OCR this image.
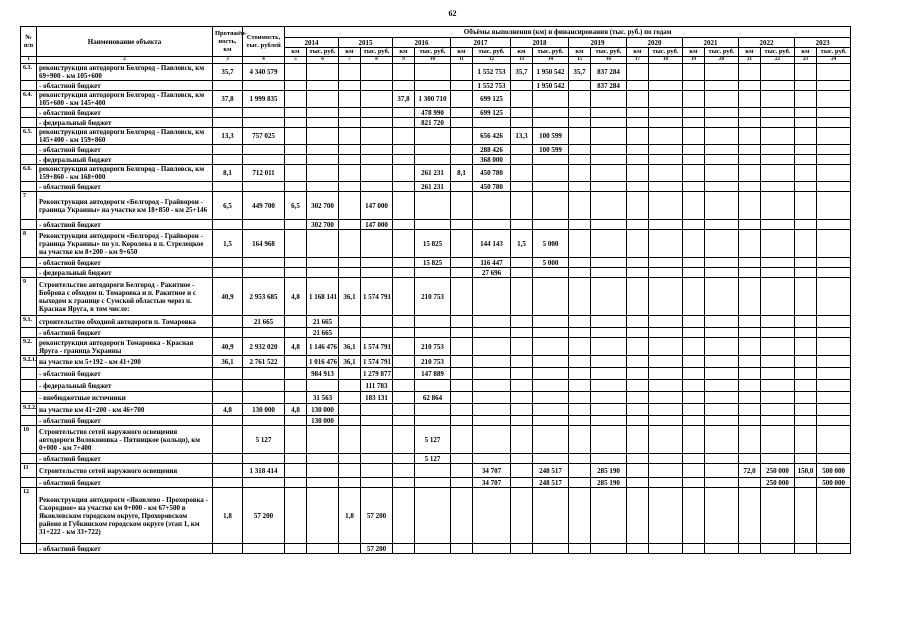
62
№ п/п	Наименование объекта	Протяжён-ность, км	Стоимость, тыс. рублей	Объёмы выполнения (км) и финансирования (тыс. руб.) по годам																			
				2014		2015		2016		2017		2018		2019		2020		2021		2022		2023	
				км	тыс. руб.	км	тыс. руб.	км	тыс. руб.	км	тыс. руб.	км	тыс. руб.	км	тыс. руб.	км	тыс. руб.	км	тыс. руб.	км	тыс. руб.	км	тыс. руб.
1	2	3	4	5	6	7	8	9	10	11	12	13	14	15	16	17	18	19	20	21	22	23	24
6.3.	реконструкция автодороги Белгород - Павловск, км 69+900 - км 105+600	35,7	4 340 579								1 552 753	35,7	1 950 542	35,7	837 284								
	- областной бюджет										1 552 753		1 950 542		837 284								
6.4.	реконструкция автодороги Белгород - Павловск, км 105+600 - км 145+400	37,8	1 999 835					37,8	1 300 710		699 125												
	- областной бюджет								478 990		699 125												
	- федеральный бюджет								821 720														
6.5.	реконструкция автодороги Белгород - Павловск, км 145+400 - км 159+860	13,3	757 025								656 426	13,3	100 599										
	- областной бюджет										288 426		100 599										
	- федеральный бюджет										368 000												
6.6.	реконструкция автодороги Белгород - Павловск, км 159+860 - км 168+000	8,1	712 011						261 231	8,1	450 780												
	- областной бюджет								261 231		450 780												
7	Реконструкция автодороги «Белгород - Грайворон - граница Украины» на участке км 18+850 - км 25+146	6,5	449 700	6,5	302 700		147 000																
	- областной бюджет				302 700		147 000																
8	Реконструкция автодороги «Белгород - Грайворон - граница Украины» по ул. Королева в п. Стрелецкое на участке км 8+200 - км 9+650	1,5	164 968						15 825		144 143	1,5	5 000										
	- областной бюджет								15 825		116 447		5 000										
	- федеральный бюджет										27 696												
9	Строительство автодороги Белгород - Ракитное - Боброва с обходом п. Томаровка и п. Ракитное и с выходом к границе с Сумской областью через п. Красная Яруга, в том числе:	40,9	2 953 685	4,8	1 168 141	36,1	1 574 791		210 753														
9.1.	строительство обходной автодороги п. Томаровка		21 665		21 665																		
	- областной бюджет				21 665																		
9.2.	реконструкция автодороги Томаровка - Красная Яруга - граница Украины	40,9	2 932 020	4,8	1 146 476	36,1	1 574 791		210 753														
9.2.1.	на участке км 5+192 - км 41+200	36,1	2 761 522		1 016 476	36,1	1 574 791		210 753														
	- областной бюджет				984 913		1 279 877		147 889														
	- федеральный бюджет						111 783																
	- внебюджетные источники				31 563		183 131		62 864														
9.2.2.	на участке км 41+200 - км 46+700	4,8	130 000	4,8	130 000																		
	- областной бюджет				130 000																		
10	Строительство сетей наружного освещения автодороги Волоконовка - Пятницкое (кольцо), км 0+000 - км 7+400		5 127						5 127														
	- областной бюджет								5 127														
11	Строительство сетей наружного освещения		1 318 414								34 707		248 517		285 190					72,0	250 000	150,0	500 000
	- областной бюджет										34 707		248 517		285 190						250 000		500 000
12	Реконструкция автодороги «Яковлево - Прохоровка - Скородное» на участке км 0+000 - км 67+500 в Яковлевском городском округе, Прохоровском районе и Губкинском городском округе (этап 1, км 31+222 - км 33+722)	1,8	57 200			1,8	57 200																
	- областной бюджет						57 200																
